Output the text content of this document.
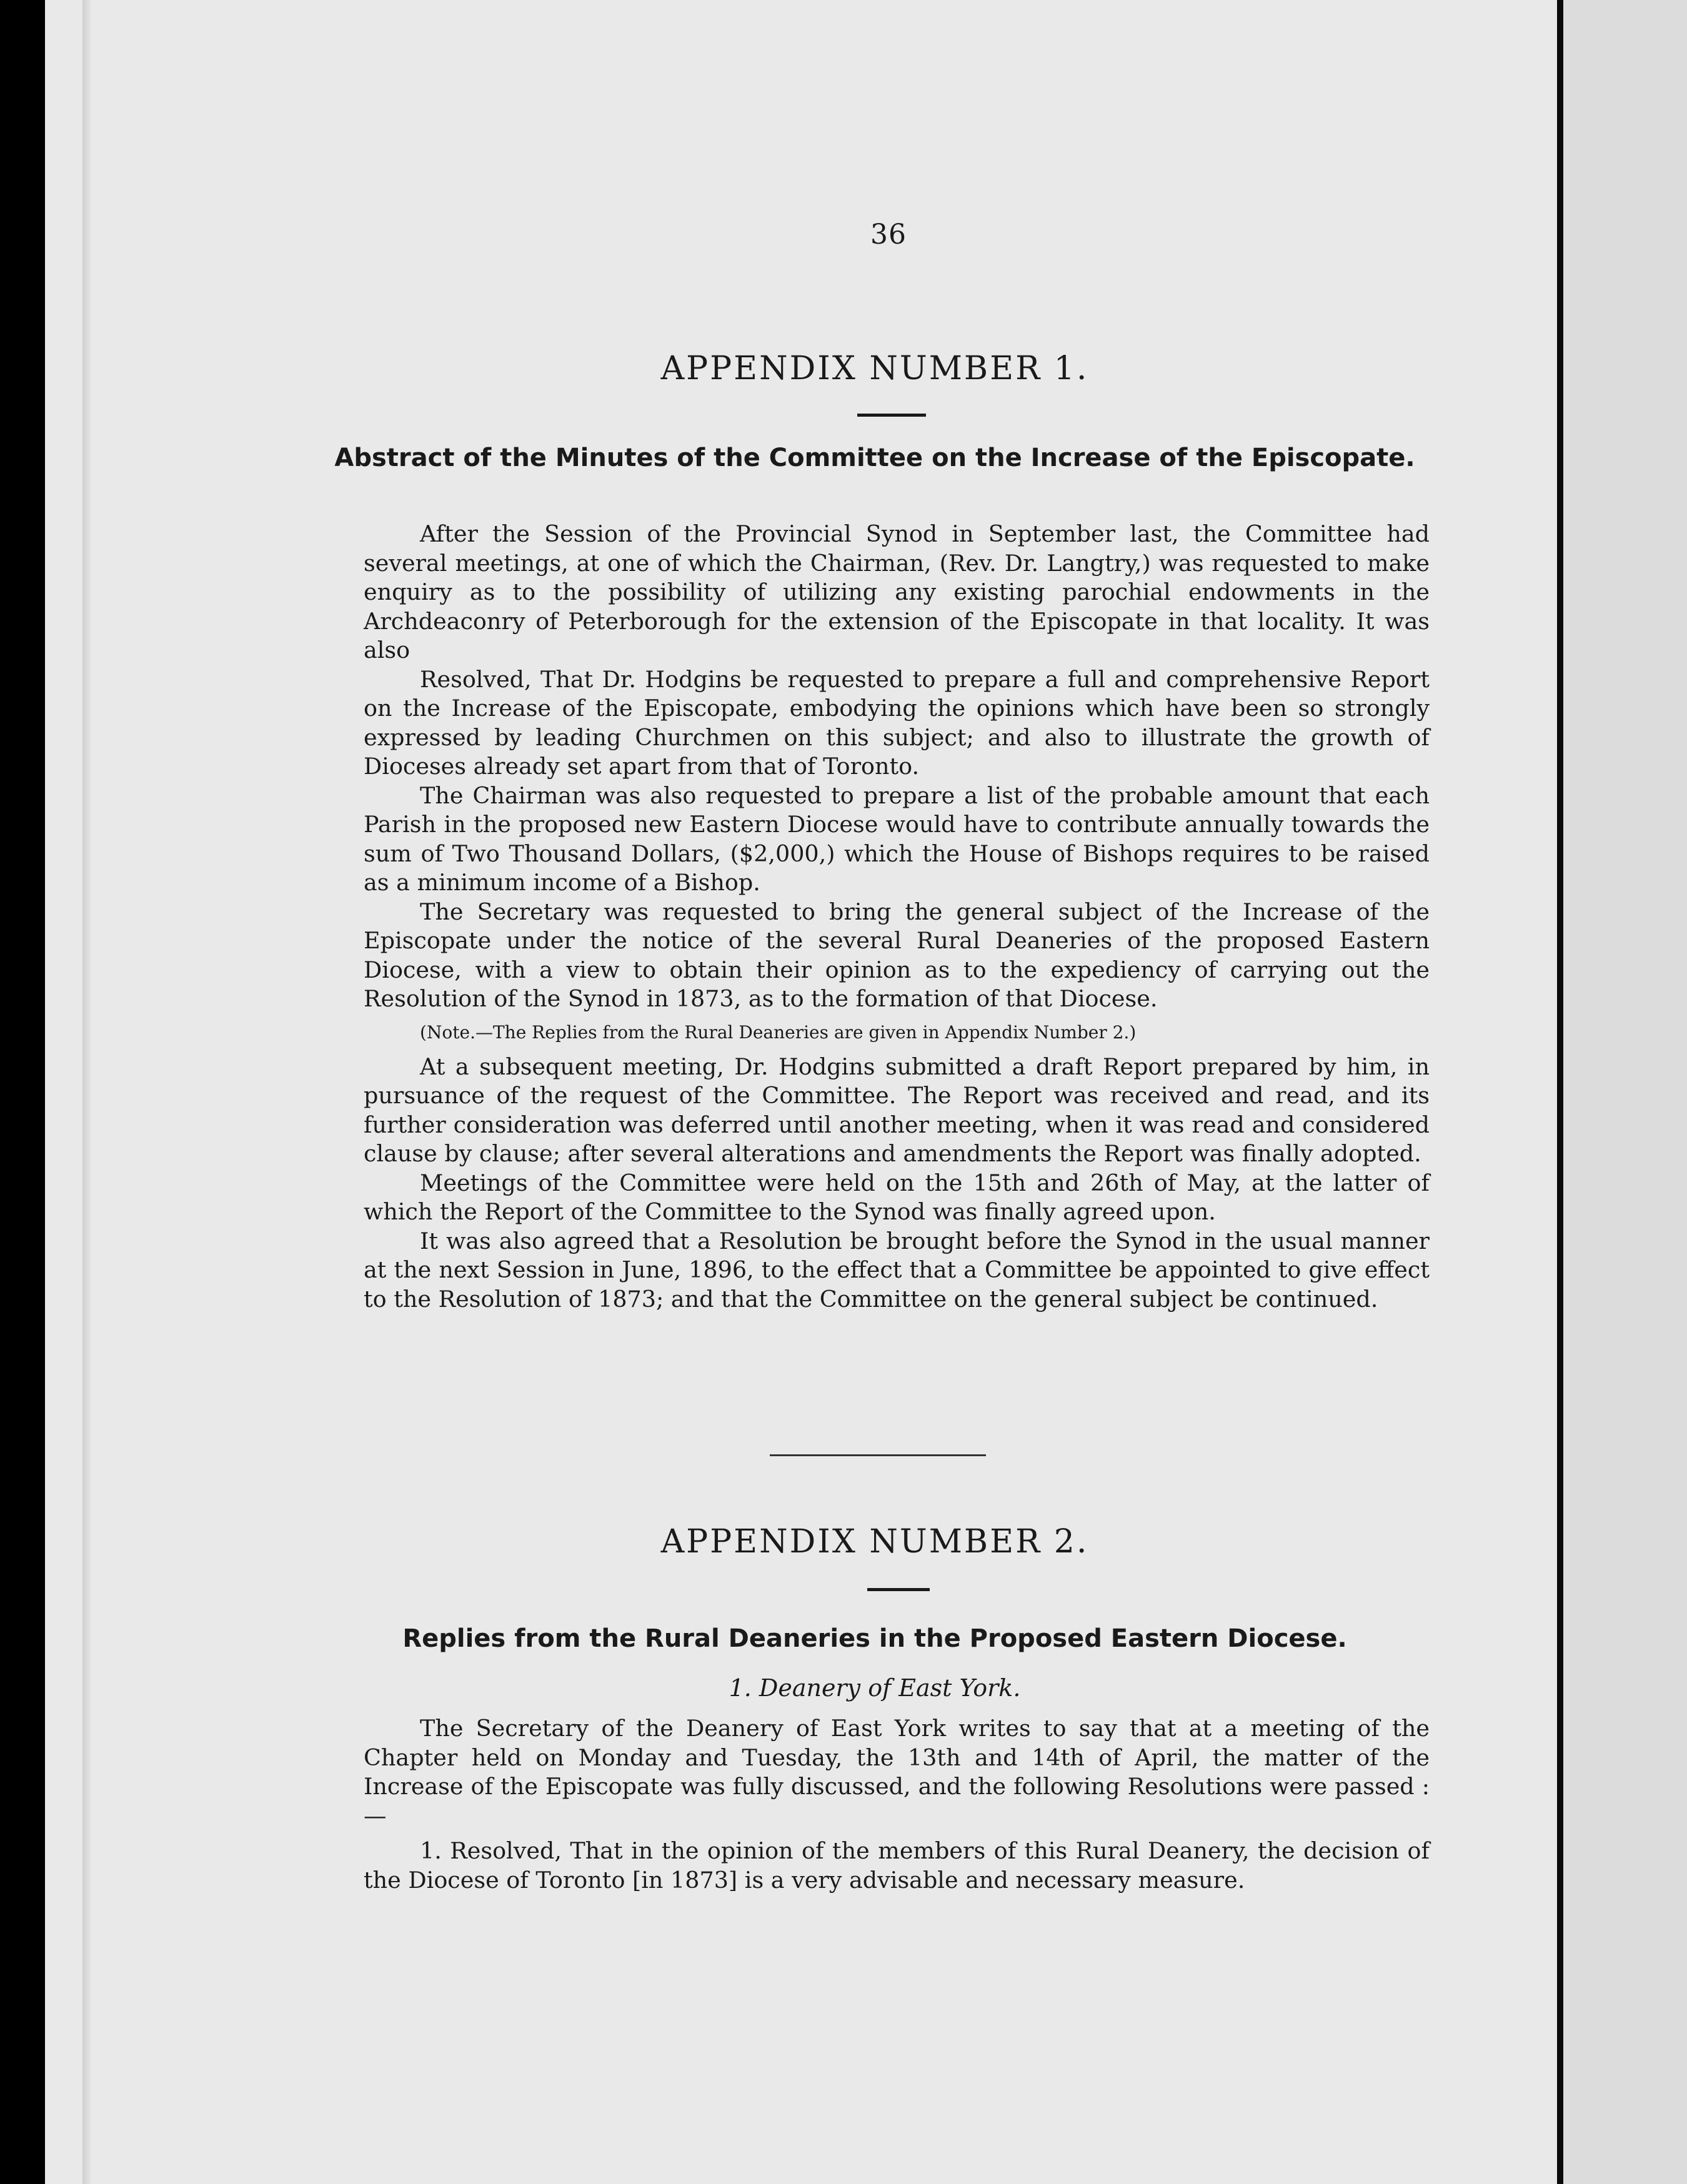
36
APPENDIX NUMBER 1.
Abstract of the Minutes of the Committee on the Increase of the Episcopate.

After the Session of the Provincial Synod in September last, the Committee had several meetings, at one of which the Chairman, (Rev. Dr. Langtry,) was requested to make enquiry as to the possibility of utilizing any existing parochial endowments in the Archdeaconry of Peterborough for the extension of the Episcopate in that locality. It was also

Resolved, That Dr. Hodgins be requested to prepare a full and comprehensive Report on the Increase of the Episcopate, embodying the opinions which have been so strongly expressed by leading Churchmen on this subject; and also to illustrate the growth of Dioceses already set apart from that of Toronto.

The Chairman was also requested to prepare a list of the probable amount that each Parish in the proposed new Eastern Diocese would have to contribute annually towards the sum of Two Thousand Dollars, ($2,000,) which the House of Bishops requires to be raised as a minimum income of a Bishop.

The Secretary was requested to bring the general subject of the Increase of the Episcopate under the notice of the several Rural Deaneries of the proposed Eastern Diocese, with a view to obtain their opinion as to the expediency of carrying out the Resolution of the Synod in 1873, as to the formation of that Diocese.

(Note.—The Replies from the Rural Deaneries are given in Appendix Number 2.)

At a subsequent meeting, Dr. Hodgins submitted a draft Report prepared by him, in pursuance of the request of the Committee. The Report was received and read, and its further consideration was deferred until another meeting, when it was read and considered clause by clause; after several alterations and amendments the Report was finally adopted.

Meetings of the Committee were held on the 15th and 26th of May, at the latter of which the Report of the Committee to the Synod was finally agreed upon.

It was also agreed that a Resolution be brought before the Synod in the usual manner at the next Session in June, 1896, to the effect that a Committee be appointed to give effect to the Resolution of 1873; and that the Committee on the general subject be continued.

APPENDIX NUMBER 2.
Replies from the Rural Deaneries in the Proposed Eastern Diocese.
1. Deanery of East York.

The Secretary of the Deanery of East York writes to say that at a meeting of the Chapter held on Monday and Tuesday, the 13th and 14th of April, the matter of the Increase of the Episcopate was fully discussed, and the following Resolutions were passed :—

1. Resolved, That in the opinion of the members of this Rural Deanery, the decision of the Diocese of Toronto [in 1873] is a very advisable and necessary measure.
